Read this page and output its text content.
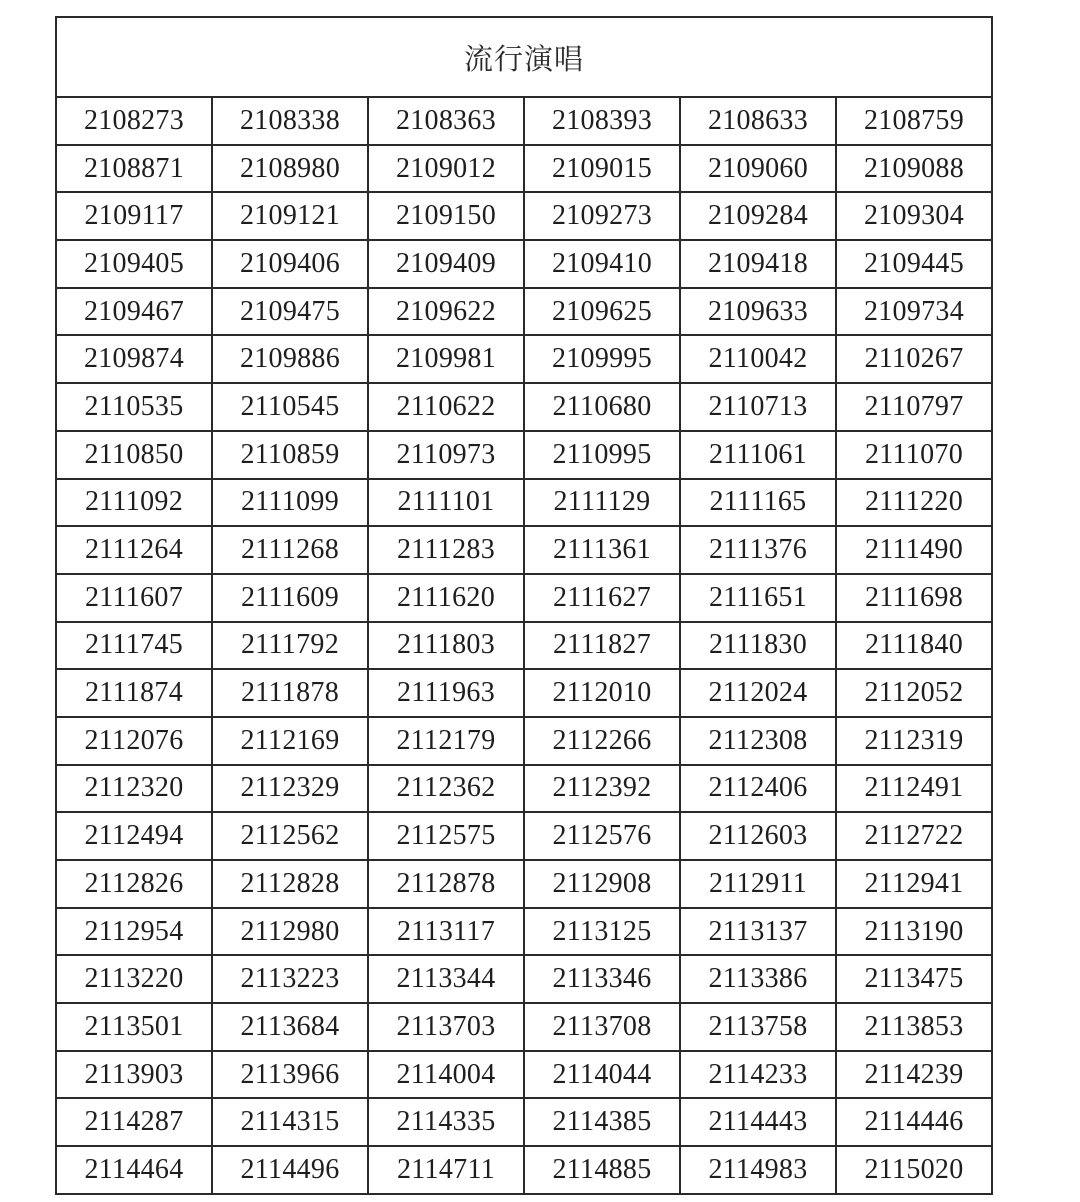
流行演唱					
2108273	2108338	2108363	2108393	2108633	2108759
2108871	2108980	2109012	2109015	2109060	2109088
2109117	2109121	2109150	2109273	2109284	2109304
2109405	2109406	2109409	2109410	2109418	2109445
2109467	2109475	2109622	2109625	2109633	2109734
2109874	2109886	2109981	2109995	2110042	2110267
2110535	2110545	2110622	2110680	2110713	2110797
2110850	2110859	2110973	2110995	2111061	2111070
2111092	2111099	2111101	2111129	2111165	2111220
2111264	2111268	2111283	2111361	2111376	2111490
2111607	2111609	2111620	2111627	2111651	2111698
2111745	2111792	2111803	2111827	2111830	2111840
2111874	2111878	2111963	2112010	2112024	2112052
2112076	2112169	2112179	2112266	2112308	2112319
2112320	2112329	2112362	2112392	2112406	2112491
2112494	2112562	2112575	2112576	2112603	2112722
2112826	2112828	2112878	2112908	2112911	2112941
2112954	2112980	2113117	2113125	2113137	2113190
2113220	2113223	2113344	2113346	2113386	2113475
2113501	2113684	2113703	2113708	2113758	2113853
2113903	2113966	2114004	2114044	2114233	2114239
2114287	2114315	2114335	2114385	2114443	2114446
2114464	2114496	2114711	2114885	2114983	2115020
